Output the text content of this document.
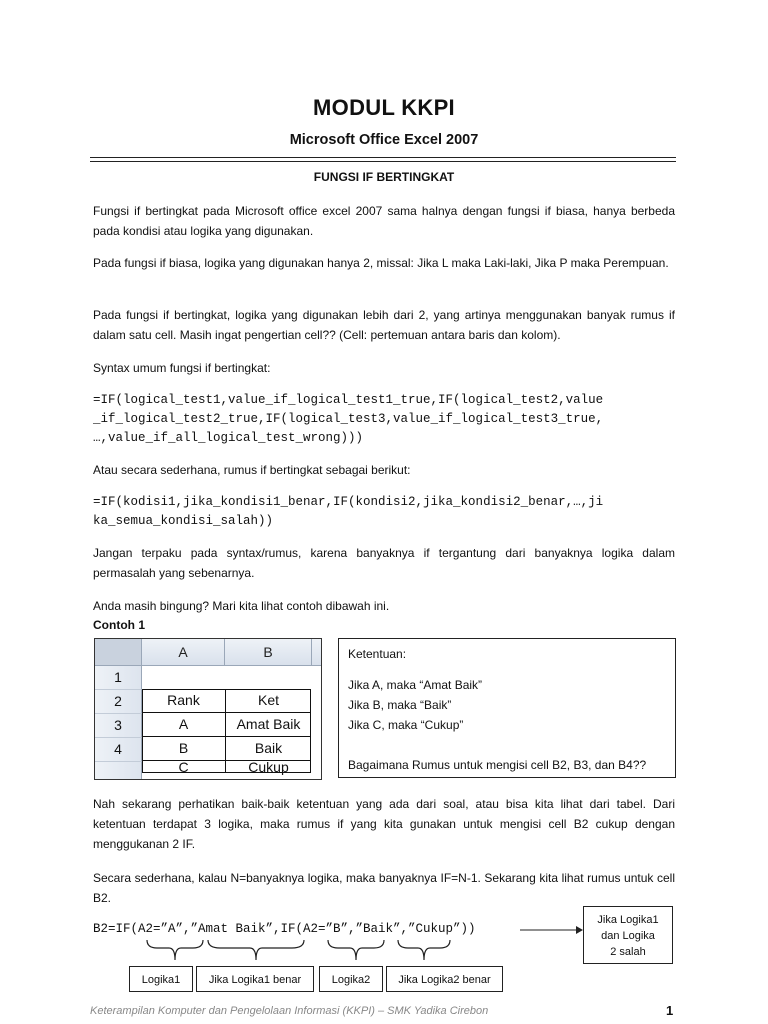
MODUL KKPI
Microsoft Office Excel 2007
FUNGSI IF BERTINGKAT

Fungsi if bertingkat pada Microsoft office excel 2007 sama halnya dengan fungsi if biasa, hanya berbeda pada kondisi atau logika yang digunakan.

Pada fungsi if biasa, logika yang digunakan hanya 2, missal: Jika L maka Laki-laki, Jika P maka Perempuan.

Pada fungsi if bertingkat, logika yang digunakan lebih dari 2, yang artinya menggunakan banyak rumus if dalam satu cell. Masih ingat pengertian cell?? (Cell: pertemuan antara baris dan kolom).

Syntax umum fungsi if bertingkat:

=IF(logical_test1,value_if_logical_test1_true,IF(logical_test2,value
_if_logical_test2_true,IF(logical_test3,value_if_logical_test3_true,
…,value_if_all_logical_test_wrong)))

Atau secara sederhana, rumus if bertingkat sebagai berikut:

=IF(kodisi1,jika_kondisi1_benar,IF(kondisi2,jika_kondisi2_benar,…,ji
ka_semua_kondisi_salah))

Jangan terpaku pada syntax/rumus, karena banyaknya if tergantung dari banyaknya logika dalam permasalah yang sebenarnya.

Anda masih bingung? Mari kita lihat contoh dibawah ini.

Contoh 1

A	B
1
2
3
4
Rank	Ket
A	Amat Baik
B	Baik
C	Cukup
Ketentuan:
Jika A, maka “Amat Baik”
Jika B, maka “Baik”
Jika C, maka “Cukup”
Bagaimana Rumus untuk mengisi cell B2, B3, dan B4??

Nah sekarang perhatikan baik-baik ketentuan yang ada dari soal, atau bisa kita lihat dari tabel. Dari ketentuan terdapat 3 logika, maka rumus if yang kita gunakan untuk mengisi cell B2 cukup dengan menggukanan 2 IF.

Secara sederhana, kalau N=banyaknya logika, maka banyaknya IF=N-1. Sekarang kita lihat rumus untuk cell B2.

B2=IF(A2=”A”,”Amat Baik”,IF(A2=”B”,”Baik”,”Cukup”))
Logika1	Jika Logika1 benar	Logika2	Jika Logika2 benar
Jika Logika1
dan Logika
2 salah
Keterampilan Komputer dan Pengelolaan Informasi (KKPI) – SMK Yadika Cirebon	1
